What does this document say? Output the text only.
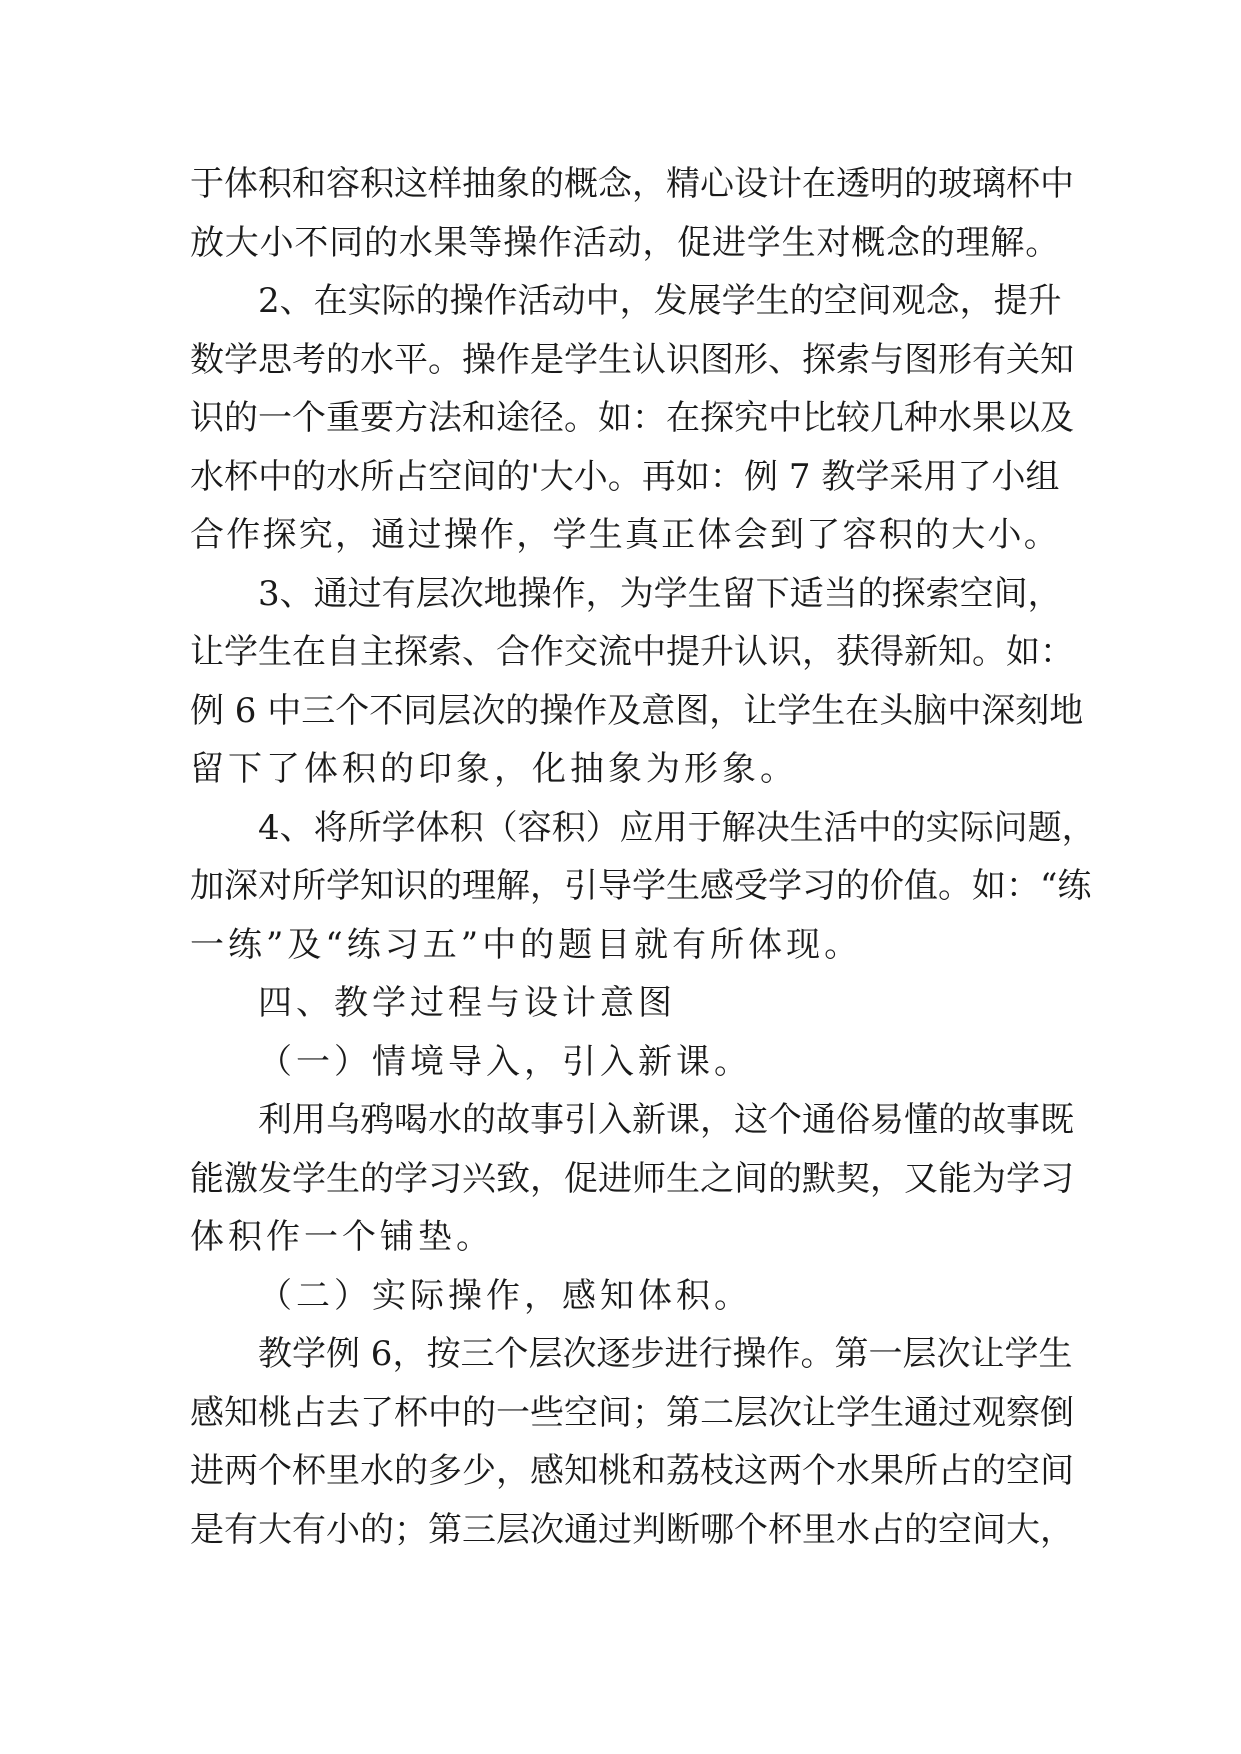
于体积和容积这样抽象的概念，精心设计在透明的玻璃杯中
放大小不同的水果等操作活动，促进学生对概念的理解。
2、在实际的操作活动中，发展学生的空间观念，提升
数学思考的水平。操作是学生认识图形、探索与图形有关知
识的一个重要方法和途径。如：在探究中比较几种水果以及
水杯中的水所占空间的'大小。再如：例 7 教学采用了小组
合作探究，通过操作，学生真正体会到了容积的大小。
3、通过有层次地操作，为学生留下适当的探索空间，
让学生在自主探索、合作交流中提升认识，获得新知。如：
例 6 中三个不同层次的操作及意图，让学生在头脑中深刻地
留下了体积的印象，化抽象为形象。
4、将所学体积（容积）应用于解决生活中的实际问题，
加深对所学知识的理解，引导学生感受学习的价值。如：“练
一练”及“练习五”中的题目就有所体现。
四、教学过程与设计意图
（一）情境导入，引入新课。
利用乌鸦喝水的故事引入新课，这个通俗易懂的故事既
能激发学生的学习兴致，促进师生之间的默契，又能为学习
体积作一个铺垫。
（二）实际操作，感知体积。
教学例 6，按三个层次逐步进行操作。第一层次让学生
感知桃占去了杯中的一些空间；第二层次让学生通过观察倒
进两个杯里水的多少，感知桃和荔枝这两个水果所占的空间
是有大有小的；第三层次通过判断哪个杯里水占的空间大，
